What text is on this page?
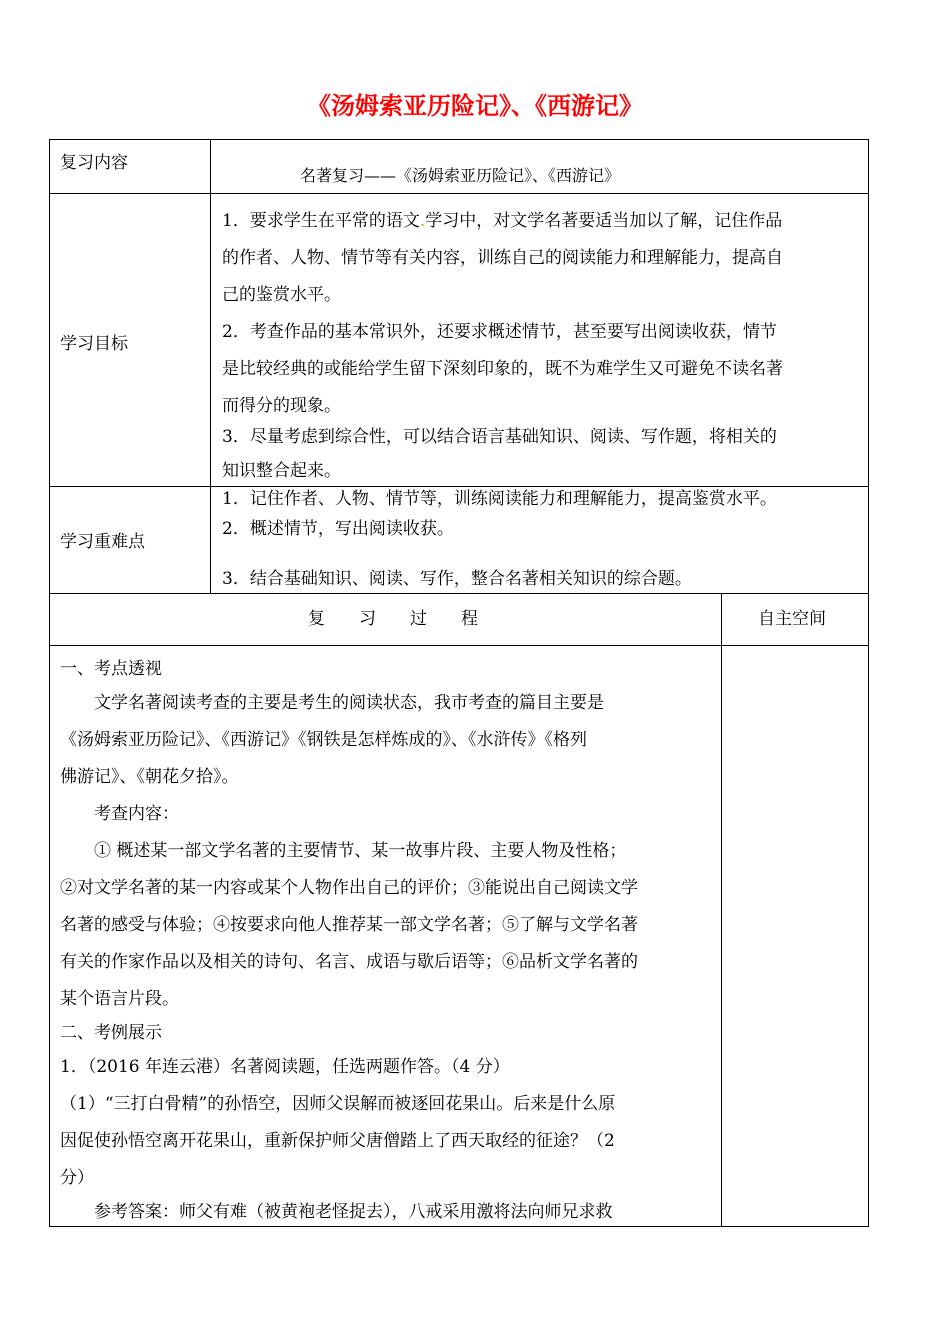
《汤姆索亚历险记》、《西游记》
复习内容
名著复习——《汤姆索亚历险记》、《西游记》
学习目标
1．要求学生在平常的语文.学习中，对文学名著要适当加以了解，记住作品
的作者、人物、情节等有关内容，训练自己的阅读能力和理解能力，提高自
己的鉴赏水平。
2．考查作品的基本常识外，还要求概述情节，甚至要写出阅读收获，情节
是比较经典的或能给学生留下深刻印象的，既不为难学生又可避免不读名著
而得分的现象。
3．尽量考虑到综合性，可以结合语言基础知识、阅读、写作题，将相关的
知识整合起来。
学习重难点
1．记住作者、人物、情节等，训练阅读能力和理解能力，提高鉴赏水平。
2．概述情节，写出阅读收获。
3．结合基础知识、阅读、写作，整合名著相关知识的综合题。
复　　习　　过　　程	自主空间
一、考点透视
　　文学名著阅读考查的主要是考生的阅读状态，我市考查的篇目主要是
《汤姆索亚历险记》、《西游记》《钢铁是怎样炼成的》、《水浒传》《格列
佛游记》、《朝花夕拾》。
　　考查内容：
　　① 概述某一部文学名著的主要情节、某一故事片段、主要人物及性格；
②对文学名著的某一内容或某个人物作出自己的评价；③能说出自己阅读文学
名著的感受与体验；④按要求向他人推荐某一部文学名著；⑤了解与文学名著
有关的作家作品以及相关的诗句、名言、成语与歇后语等；⑥品析文学名著的
某个语言片段。
二、考例展示
1．（2016 年连云港）名著阅读题，任选两题作答。（4 分）
（1）“三打白骨精”的孙悟空，因师父误解而被逐回花果山。后来是什么原
因促使孙悟空离开花果山，重新保护师父唐僧踏上了西天取经的征途？（2
分）
　　参考答案：师父有难（被黄袍老怪捉去），八戒采用激将法向师兄求救
